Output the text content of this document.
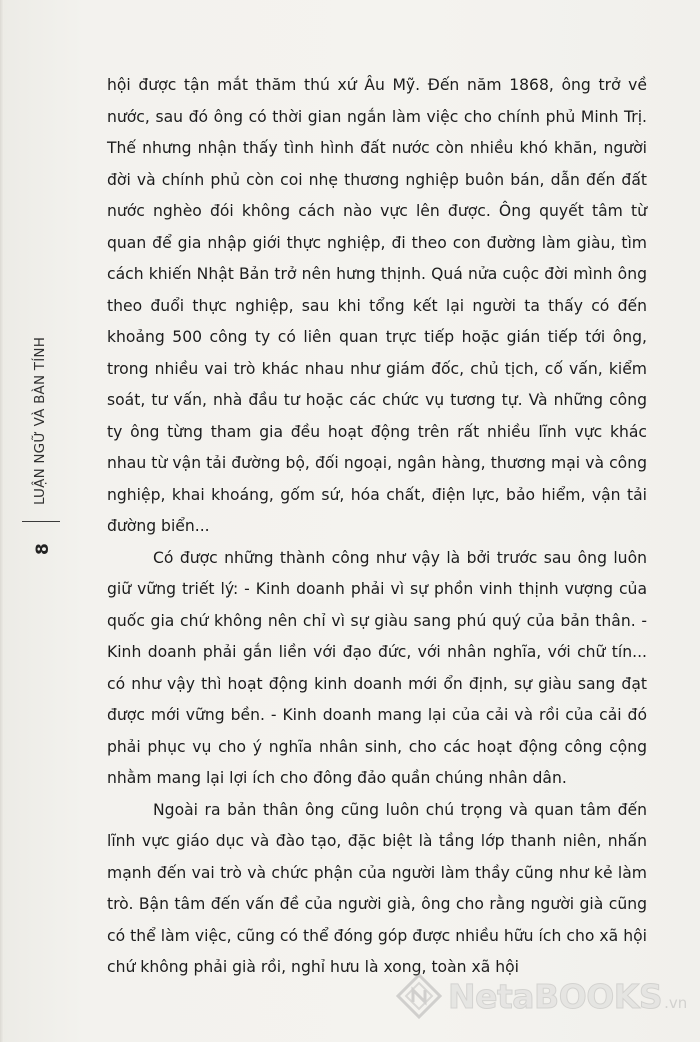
LUẬN NGỮ VÀ BÀN TÍNH
8

hội được tận mắt thăm thú xứ Âu Mỹ. Đến năm 1868, ông trở về nước, sau đó ông có thời gian ngắn làm việc cho chính phủ Minh Trị. Thế nhưng nhận thấy tình hình đất nước còn nhiều khó khăn, người đời và chính phủ còn coi nhẹ thương nghiệp buôn bán, dẫn đến đất nước nghèo đói không cách nào vực lên được. Ông quyết tâm từ quan để gia nhập giới thực nghiệp, đi theo con đường làm giàu, tìm cách khiến Nhật Bản trở nên hưng thịnh. Quá nửa cuộc đời mình ông theo đuổi thực nghiệp, sau khi tổng kết lại người ta thấy có đến khoảng 500 công ty có liên quan trực tiếp hoặc gián tiếp tới ông, trong nhiều vai trò khác nhau như giám đốc, chủ tịch, cố vấn, kiểm soát, tư vấn, nhà đầu tư hoặc các chức vụ tương tự. Và những công ty ông từng tham gia đều hoạt động trên rất nhiều lĩnh vực khác nhau từ vận tải đường bộ, đối ngoại, ngân hàng, thương mại và công nghiệp, khai khoáng, gốm sứ, hóa chất, điện lực, bảo hiểm, vận tải đường biển...

Có được những thành công như vậy là bởi trước sau ông luôn giữ vững triết lý: - Kinh doanh phải vì sự phồn vinh thịnh vượng của quốc gia chứ không nên chỉ vì sự giàu sang phú quý của bản thân. - Kinh doanh phải gắn liền với đạo đức, với nhân nghĩa, với chữ tín... có như vậy thì hoạt động kinh doanh mới ổn định, sự giàu sang đạt được mới vững bền. - Kinh doanh mang lại của cải và rồi của cải đó phải phục vụ cho ý nghĩa nhân sinh, cho các hoạt động công cộng nhằm mang lại lợi ích cho đông đảo quần chúng nhân dân.

Ngoài ra bản thân ông cũng luôn chú trọng và quan tâm đến lĩnh vực giáo dục và đào tạo, đặc biệt là tầng lớp thanh niên, nhấn mạnh đến vai trò và chức phận của người làm thầy cũng như kẻ làm trò. Bận tâm đến vấn đề của người già, ông cho rằng người già cũng có thể làm việc, cũng có thể đóng góp được nhiều hữu ích cho xã hội chứ không phải già rồi, nghỉ hưu là xong, toàn xã hội

NetaBOOKS .vn
